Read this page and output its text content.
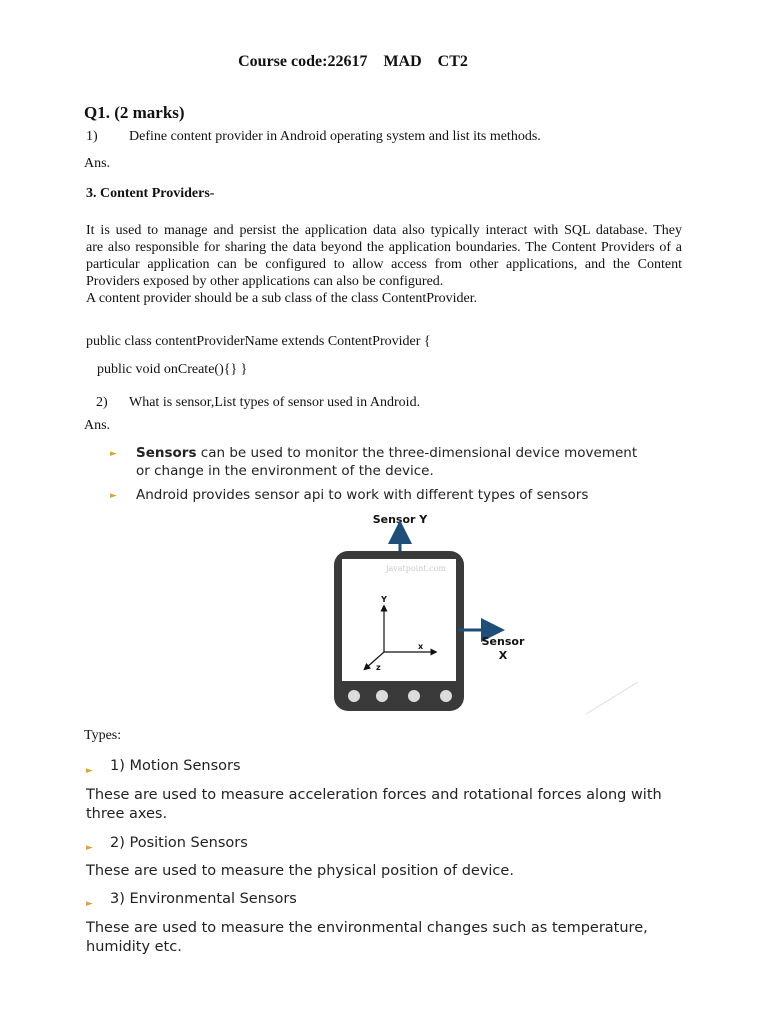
Course code:22617    MAD    CT2
Q1. (2 marks)
1) Define content provider in Android operating system and list its methods.
Ans.
3. Content Providers-

It is used to manage and persist the application data also typically interact with SQL database. They

are also responsible for sharing the data beyond the application boundaries. The Content Providers of a

particular application can be configured to allow access from other applications, and the Content

Providers exposed by other applications can also be configured.

A content provider should be a sub class of the class ContentProvider.

public class contentProviderName extends ContentProvider {
public void onCreate(){} }
2) What is sensor,List types of sensor used in Android.
Ans.
► Sensors can be used to monitor the three-dimensional device movement
or change in the environment of the device.
► Android provides sensor api to work with different types of sensors
Sensor Y
javatpoint.com
Y
x
z
Sensor
X
Types:
► 1) Motion Sensors
These are used to measure acceleration forces and rotational forces along with
three axes.
► 2) Position Sensors
These are used to measure the physical position of device.
► 3) Environmental Sensors
These are used to measure the environmental changes such as temperature,
humidity etc.
